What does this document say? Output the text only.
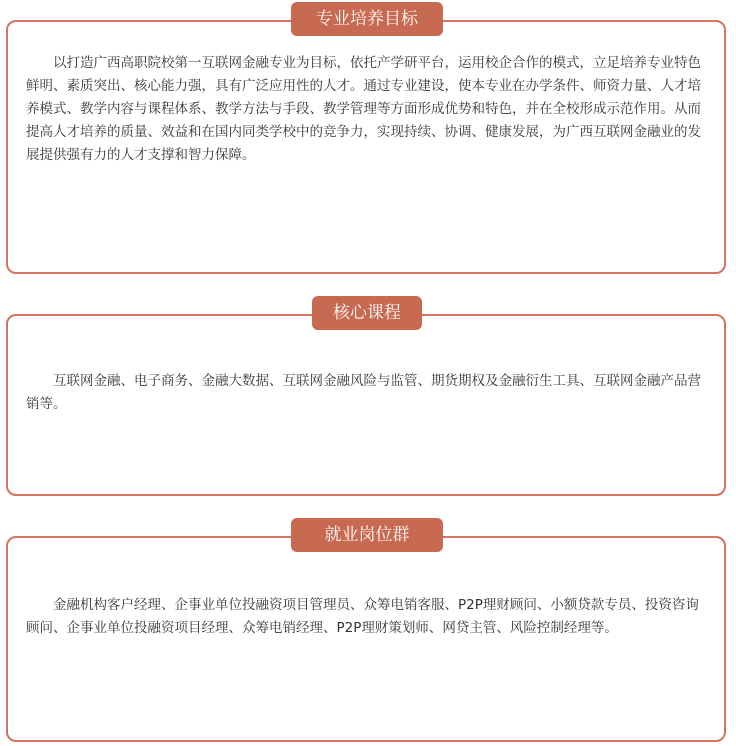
专业培养目标

以打造广西高职院校第一互联网金融专业为目标，依托产学研平台，运用校企合作的模式，立足培养专业特色鲜明、素质突出、核心能力强，具有广泛应用性的人才。通过专业建设，使本专业在办学条件、师资力量、人才培养模式、教学内容与课程体系、教学方法与手段、教学管理等方面形成优势和特色，并在全校形成示范作用。从而提高人才培养的质量、效益和在国内同类学校中的竞争力，实现持续、协调、健康发展，为广西互联网金融业的发展提供强有力的人才支撑和智力保障。

核心课程

互联网金融、电子商务、金融大数据、互联网金融风险与监管、期货期权及金融衍生工具、互联网金融产品营销等。

就业岗位群

金融机构客户经理、企事业单位投融资项目管理员、众筹电销客服、P2P理财顾问、小额贷款专员、投资咨询顾问、企事业单位投融资项目经理、众筹电销经理、P2P理财策划师、网贷主管、风险控制经理等。
